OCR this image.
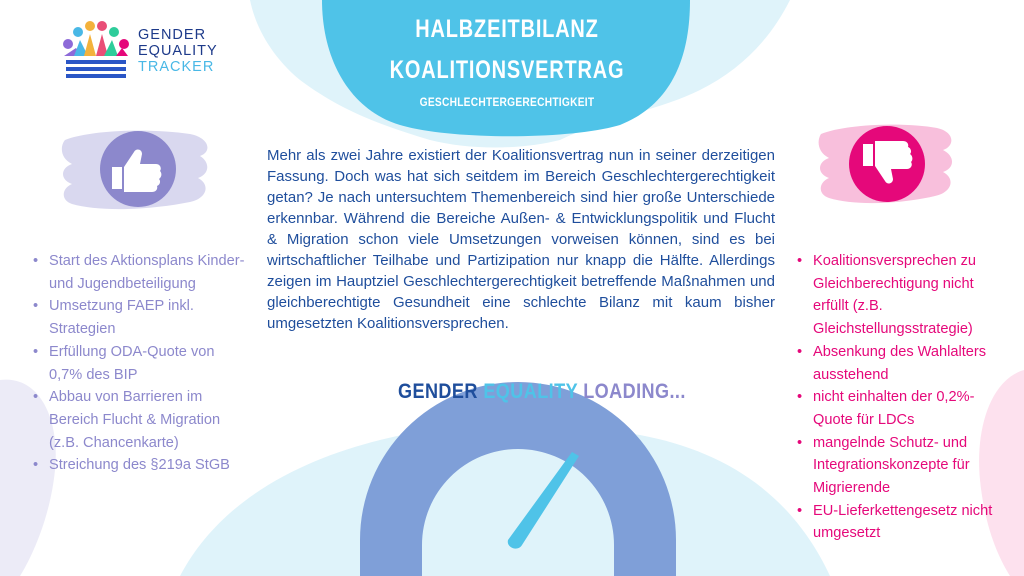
GENDER
EQUALITY
TRACKER
HALBZEITBILANZ
KOALITIONSVERTRAG
GESCHLECHTERGERECHTIGKEIT
Mehr als zwei Jahre existiert der Koalitionsvertrag nun in seiner derzeitigen Fassung. Doch was hat sich seitdem im Bereich Geschlechtergerechtigkeit getan? Je nach untersuchtem Themenbereich sind hier große Unterschiede erkennbar. Während die Bereiche Außen- & Entwicklungspolitik und Flucht & Migration schon viele Umsetzungen vorweisen können, sind es bei wirtschaftlicher Teilhabe und Partizipation nur knapp die Hälfte. Allerdings zeigen im Hauptziel Geschlechtergerechtigkeit betreffende Maßnahmen und gleichberechtigte Gesundheit eine schlechte Bilanz mit kaum bisher umgesetzten Koalitionsversprechen.
GENDER EQUALITY LOADING...
• Start des Aktionsplans Kinder- und Jugendbeteiligung
• Umsetzung FAEP inkl. Strategien
• Erfüllung ODA-Quote von 0,7% des BIP
• Abbau von Barrieren im Bereich Flucht & Migration (z.B. Chancenkarte)
• Streichung des §219a StGB
• Koalitionsversprechen zu Gleichberechtigung nicht erfüllt (z.B. Gleichstellungsstrategie)
• Absenkung des Wahlalters ausstehend
• nicht einhalten der 0,2%-Quote für LDCs
• mangelnde Schutz- und Integrationskonzepte für Migrierende
• EU-Lieferkettengesetz nicht umgesetzt
